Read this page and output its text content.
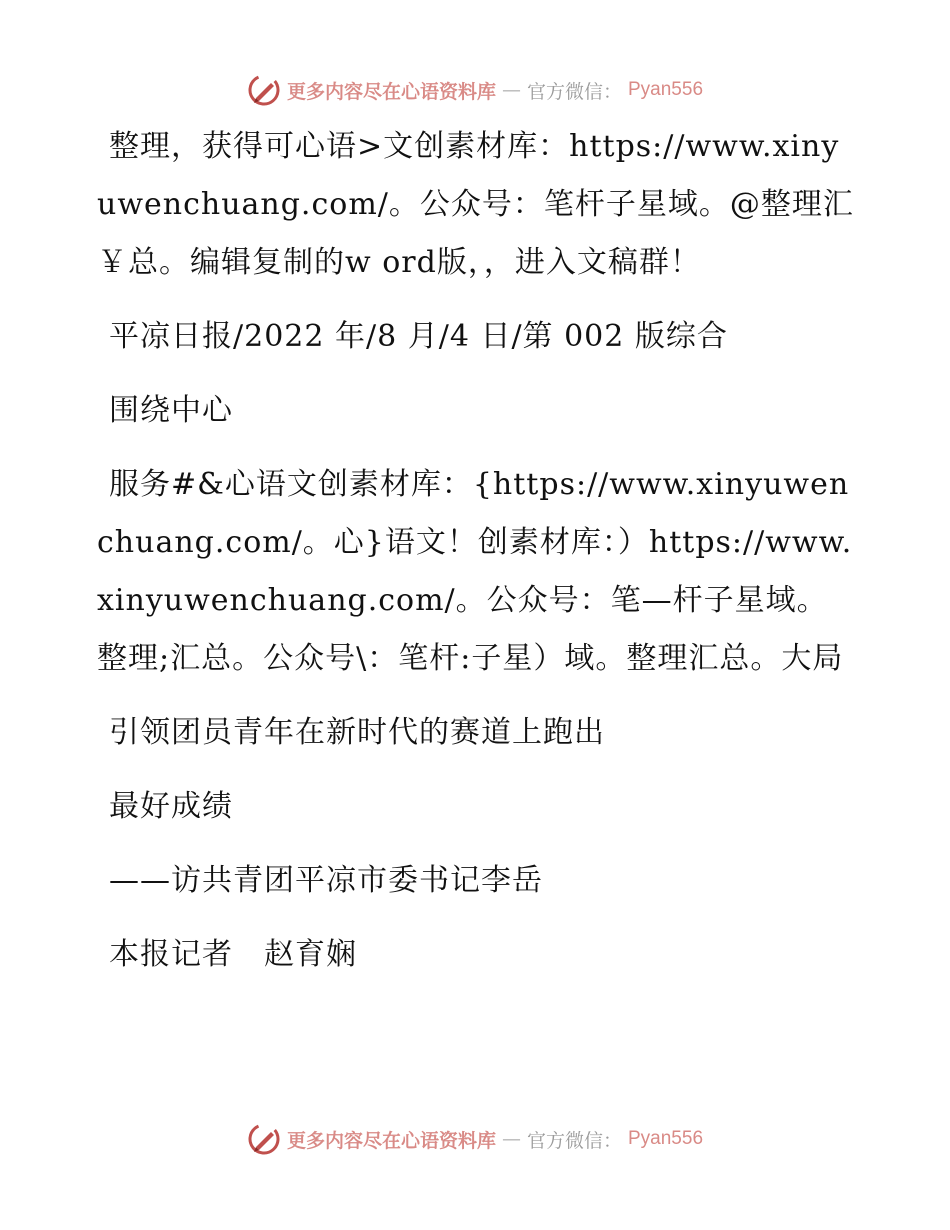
更多内容尽在心语资料库 — 官方微信： Pyan556

整理，获得可心语>文创素材库：https://www.xinyuwenchuang.com/。公众号：笔杆子星域。@整理汇￥总。编辑复制的w ord版，，进入文稿群！

平凉日报/2022 年/8 月/4 日/第 002 版综合

围绕中心

服务#&心语文创素材库：{https://www.xinyuwenchuang.com/。心}语文！创素材库：）https://www.xinyuwenchuang.com/。公众号：笔—杆子星域。整理;汇总。公众号\：笔杆:子星）域。整理汇总。大局

引领团员青年在新时代的赛道上跑出

最好成绩

——访共青团平凉市委书记李岳

本报记者　赵育娴

更多内容尽在心语资料库 — 官方微信： Pyan556
